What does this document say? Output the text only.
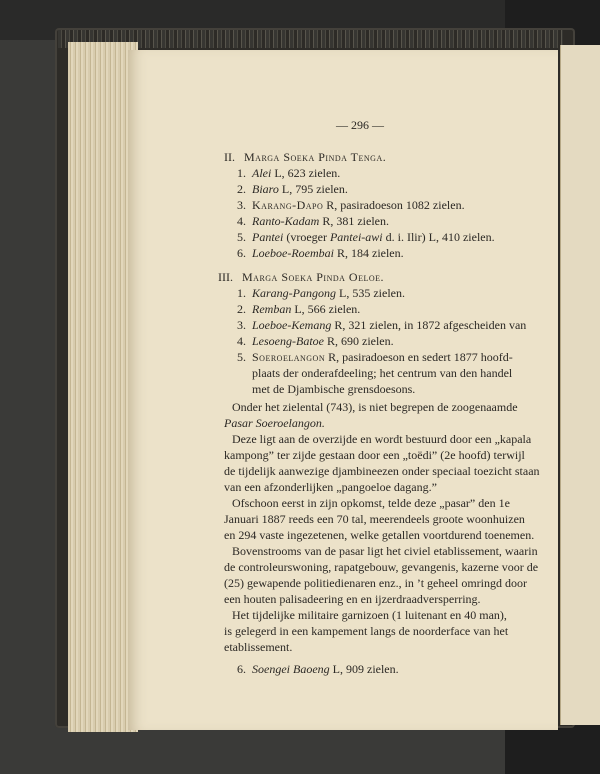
— 296 —
II. Marga Soeka Pinda Tenga.
1. Alei L, 623 zielen.
2. Biaro L, 795 zielen.
3. Karang-Dapo R, pasiradoeson 1082 zielen.
4. Ranto-Kadam R, 381 zielen.
5. Pantei (vroeger Pantei-awi d. i. Ilir) L, 410 zielen.
6. Loeboe-Roembai R, 184 zielen.
III. Marga Soeka Pinda Oeloe.
1. Karang-Pangong L, 535 zielen.
2. Remban L, 566 zielen.
3. Loeboe-Kemang R, 321 zielen, in 1872 afgescheiden van
4. Lesoeng-Batoe R, 690 zielen.
5. Soeroelangon R, pasiradoeson en sedert 1877 hoofd-
plaats der onderafdeeling; het centrum van den handel
met de Djambische grensdoesons.
Onder het zielental (743), is niet begrepen de zoogenaamde
Pasar Soeroelangon.
Deze ligt aan de overzijde en wordt bestuurd door een „kapala
kampong” ter zijde gestaan door een „toëdi” (2e hoofd) terwijl
de tijdelijk aanwezige djambineezen onder speciaal toezicht staan
van een afzonderlijken „pangoeloe dagang.”
Ofschoon eerst in zijn opkomst, telde deze „pasar” den 1e
Januari 1887 reeds een 70 tal, meerendeels groote woonhuizen
en 294 vaste ingezetenen, welke getallen voortdurend toenemen.
Bovenstrooms van de pasar ligt het civiel etablissement, waarin
de controleurswoning, rapatgebouw, gevangenis, kazerne voor de
(25) gewapende politiedienaren enz., in ’t geheel omringd door
een houten palisadeering en en ijzerdraadversperring.
Het tijdelijke militaire garnizoen (1 luitenant en 40 man),
is gelegerd in een kampement langs de noorderface van het
etablissement.
6. Soengei Baoeng L, 909 zielen.
